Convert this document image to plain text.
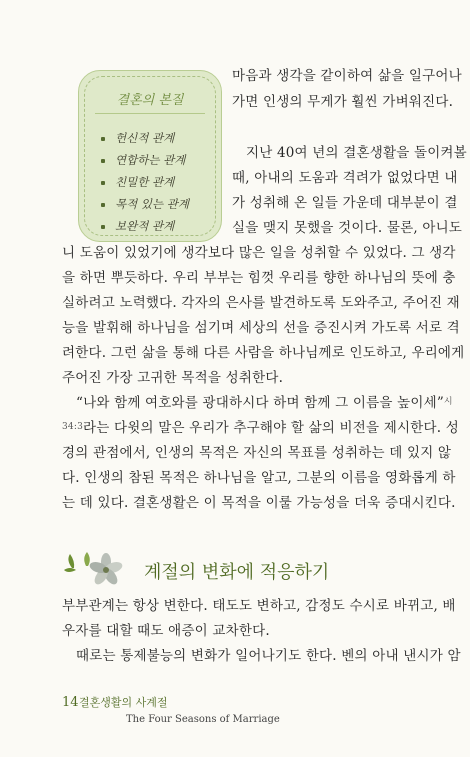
결혼의 본질
헌신적 관계
연합하는 관계
친밀한 관계
목적 있는 관계
보완적 관계
마음과 생각을 같이하여 삶을 일구어나
가면 인생의 무게가 훨씬 가벼워진다.
지난 40여 년의 결혼생활을 돌이켜볼
때, 아내의 도움과 격려가 없었다면 내
가 성취해 온 일들 가운데 대부분이 결
실을 맺지 못했을 것이다. 물론, 아니도
니 도움이 있었기에 생각보다 많은 일을 성취할 수 있었다. 그 생각
을 하면 뿌듯하다. 우리 부부는 힘껏 우리를 향한 하나님의 뜻에 충
실하려고 노력했다. 각자의 은사를 발견하도록 도와주고, 주어진 재
능을 발휘해 하나님을 섬기며 세상의 선을 증진시켜 가도록 서로 격
려한다. 그런 삶을 통해 다른 사람을 하나님께로 인도하고, 우리에게
주어진 가장 고귀한 목적을 성취한다.
“나와 함께 여호와를 광대하시다 하며 함께 그 이름을 높이세”$^시$
$^{34:3}$라는 다윗의 말은 우리가 추구해야 할 삶의 비전을 제시한다. 성
경의 관점에서, 인생의 목적은 자신의 목표를 성취하는 데 있지 않
다. 인생의 참된 목적은 하나님을 알고, 그분의 이름을 영화롭게 하
는 데 있다. 결혼생활은 이 목적을 이룰 가능성을 더욱 증대시킨다.
계절의 변화에 적응하기
부부관계는 항상 변한다. 태도도 변하고, 감정도 수시로 바뀌고, 배
우자를 대할 때도 애증이 교차한다.
때로는 통제불능의 변화가 일어나기도 한다. 벤의 아내 낸시가 암
14 결혼생활의 사계절
The Four Seasons of Marriage
